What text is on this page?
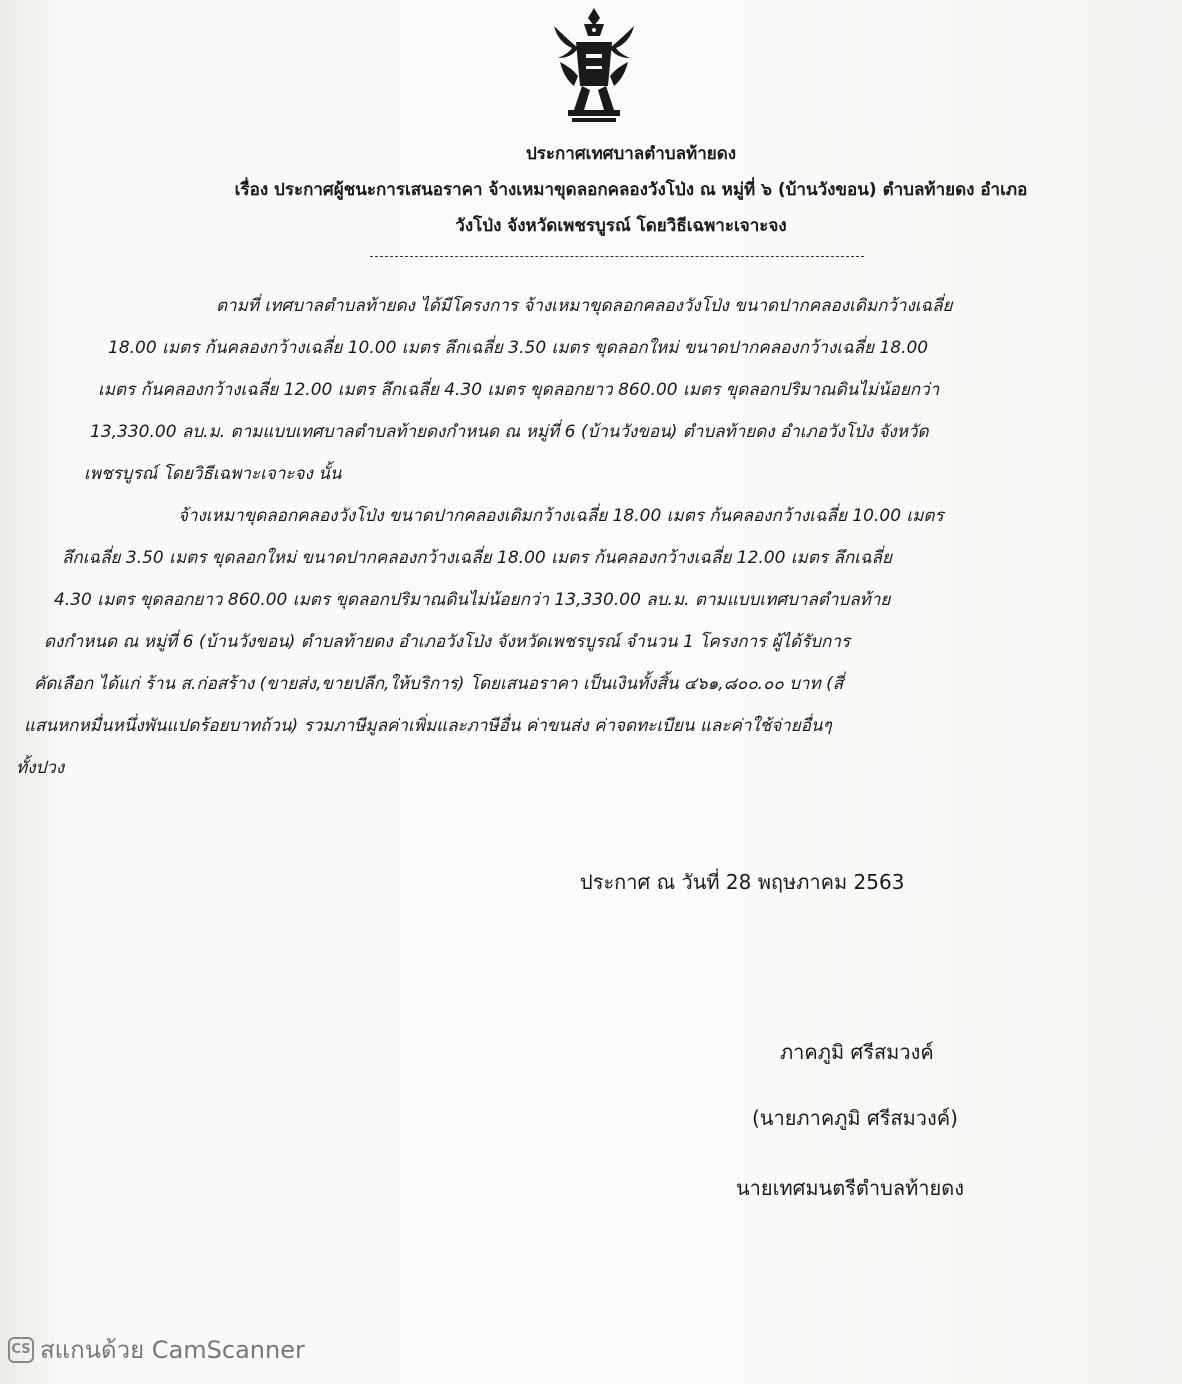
ประกาศเทศบาลตำบลท้ายดง
เรื่อง ประกาศผู้ชนะการเสนอราคา จ้างเหมาขุดลอกคลองวังโป่ง ณ หมู่ที่ ๖ (บ้านวังขอน) ตำบลท้ายดง อำเภอ
วังโป่ง จังหวัดเพชรบูรณ์ โดยวิธีเฉพาะเจาะจง
ตามที่ เทศบาลตำบลท้ายดง ได้มีโครงการ จ้างเหมาขุดลอกคลองวังโป่ง ขนาดปากคลองเดิมกว้างเฉลี่ย
18.00 เมตร ก้นคลองกว้างเฉลี่ย 10.00 เมตร ลึกเฉลี่ย 3.50 เมตร ขุดลอกใหม่ ขนาดปากคลองกว้างเฉลี่ย 18.00
เมตร ก้นคลองกว้างเฉลี่ย 12.00 เมตร ลึกเฉลี่ย 4.30 เมตร ขุดลอกยาว 860.00 เมตร ขุดลอกปริมาณดินไม่น้อยกว่า
13,330.00 ลบ.ม. ตามแบบเทศบาลตำบลท้ายดงกำหนด ณ หมู่ที่ 6 (บ้านวังขอน) ตำบลท้ายดง อำเภอวังโป่ง จังหวัด
เพชรบูรณ์ โดยวิธีเฉพาะเจาะจง นั้น
จ้างเหมาขุดลอกคลองวังโป่ง ขนาดปากคลองเดิมกว้างเฉลี่ย 18.00 เมตร ก้นคลองกว้างเฉลี่ย 10.00 เมตร
ลึกเฉลี่ย 3.50 เมตร ขุดลอกใหม่ ขนาดปากคลองกว้างเฉลี่ย 18.00 เมตร ก้นคลองกว้างเฉลี่ย 12.00 เมตร ลึกเฉลี่ย
4.30 เมตร ขุดลอกยาว 860.00 เมตร ขุดลอกปริมาณดินไม่น้อยกว่า 13,330.00 ลบ.ม. ตามแบบเทศบาลตำบลท้าย
ดงกำหนด ณ หมู่ที่ 6 (บ้านวังขอน) ตำบลท้ายดง อำเภอวังโป่ง จังหวัดเพชรบูรณ์ จำนวน 1 โครงการ ผู้ได้รับการ
คัดเลือก ได้แก่ ร้าน ส.ก่อสร้าง (ขายส่ง,ขายปลีก,ให้บริการ) โดยเสนอราคา เป็นเงินทั้งสิ้น ๔๖๑,๘๐๐.๐๐ บาท (สี่
แสนหกหมื่นหนึ่งพันแปดร้อยบาทถ้วน) รวมภาษีมูลค่าเพิ่มและภาษีอื่น ค่าขนส่ง ค่าจดทะเบียน และค่าใช้จ่ายอื่นๆ
ทั้งปวง
ประกาศ ณ วันที่ 28 พฤษภาคม 2563
ภาคภูมิ ศรีสมวงค์
(นายภาคภูมิ ศรีสมวงค์)
นายเทศมนตรีตำบลท้ายดง
CS สแกนด้วย CamScanner
